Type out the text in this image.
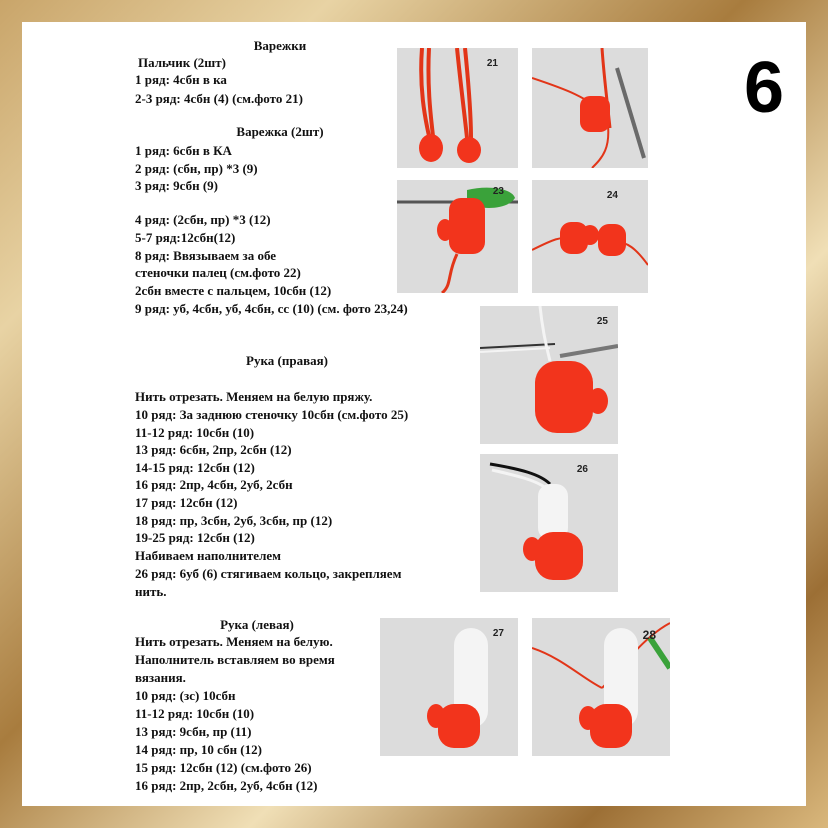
6
Варежки
Пальчик (2шт)
1 ряд: 4сбн в ка
2-3 ряд: 4сбн (4) (см.фото 21)
Варежка (2шт)
1 ряд: 6сбн в КА
2 ряд: (сбн, пр) *3 (9)
3 ряд: 9сбн (9)
4 ряд: (2сбн, пр) *3 (12)
5-7 ряд:12сбн(12)
8 ряд: Ввязываем за обе
стеночки палец (см.фото 22)
2сбн вместе с пальцем, 10сбн (12)
9 ряд: уб, 4сбн, уб, 4сбн, сс (10) (см. фото 23,24)
Рука (правая)
Нить отрезать. Меняем на белую пряжу.
10 ряд: За заднюю стеночку 10сбн (см.фото 25)
11-12 ряд: 10сбн (10)
13 ряд: 6сбн, 2пр, 2сбн (12)
14-15 ряд: 12сбн (12)
16 ряд: 2пр, 4сбн, 2уб, 2сбн
17 ряд: 12сбн (12)
18 ряд: пр, 3сбн, 2уб, 3сбн, пр (12)
19-25 ряд: 12сбн (12)
Набиваем наполнителем
26 ряд: 6уб (6) стягиваем кольцо, закрепляем
нить.
Рука (левая)
Нить отрезать. Меняем на белую.
Наполнитель вставляем во время
вязания.
10 ряд: (зс) 10сбн
11-12 ряд: 10сбн (10)
13 ряд: 9сбн, пр (11)
14 ряд: пр, 10 сбн (12)
15 ряд: 12сбн (12) (см.фото 26)
16 ряд: 2пр, 2сбн, 2уб, 4сбн (12)
21
23	24
25
26
27	28
